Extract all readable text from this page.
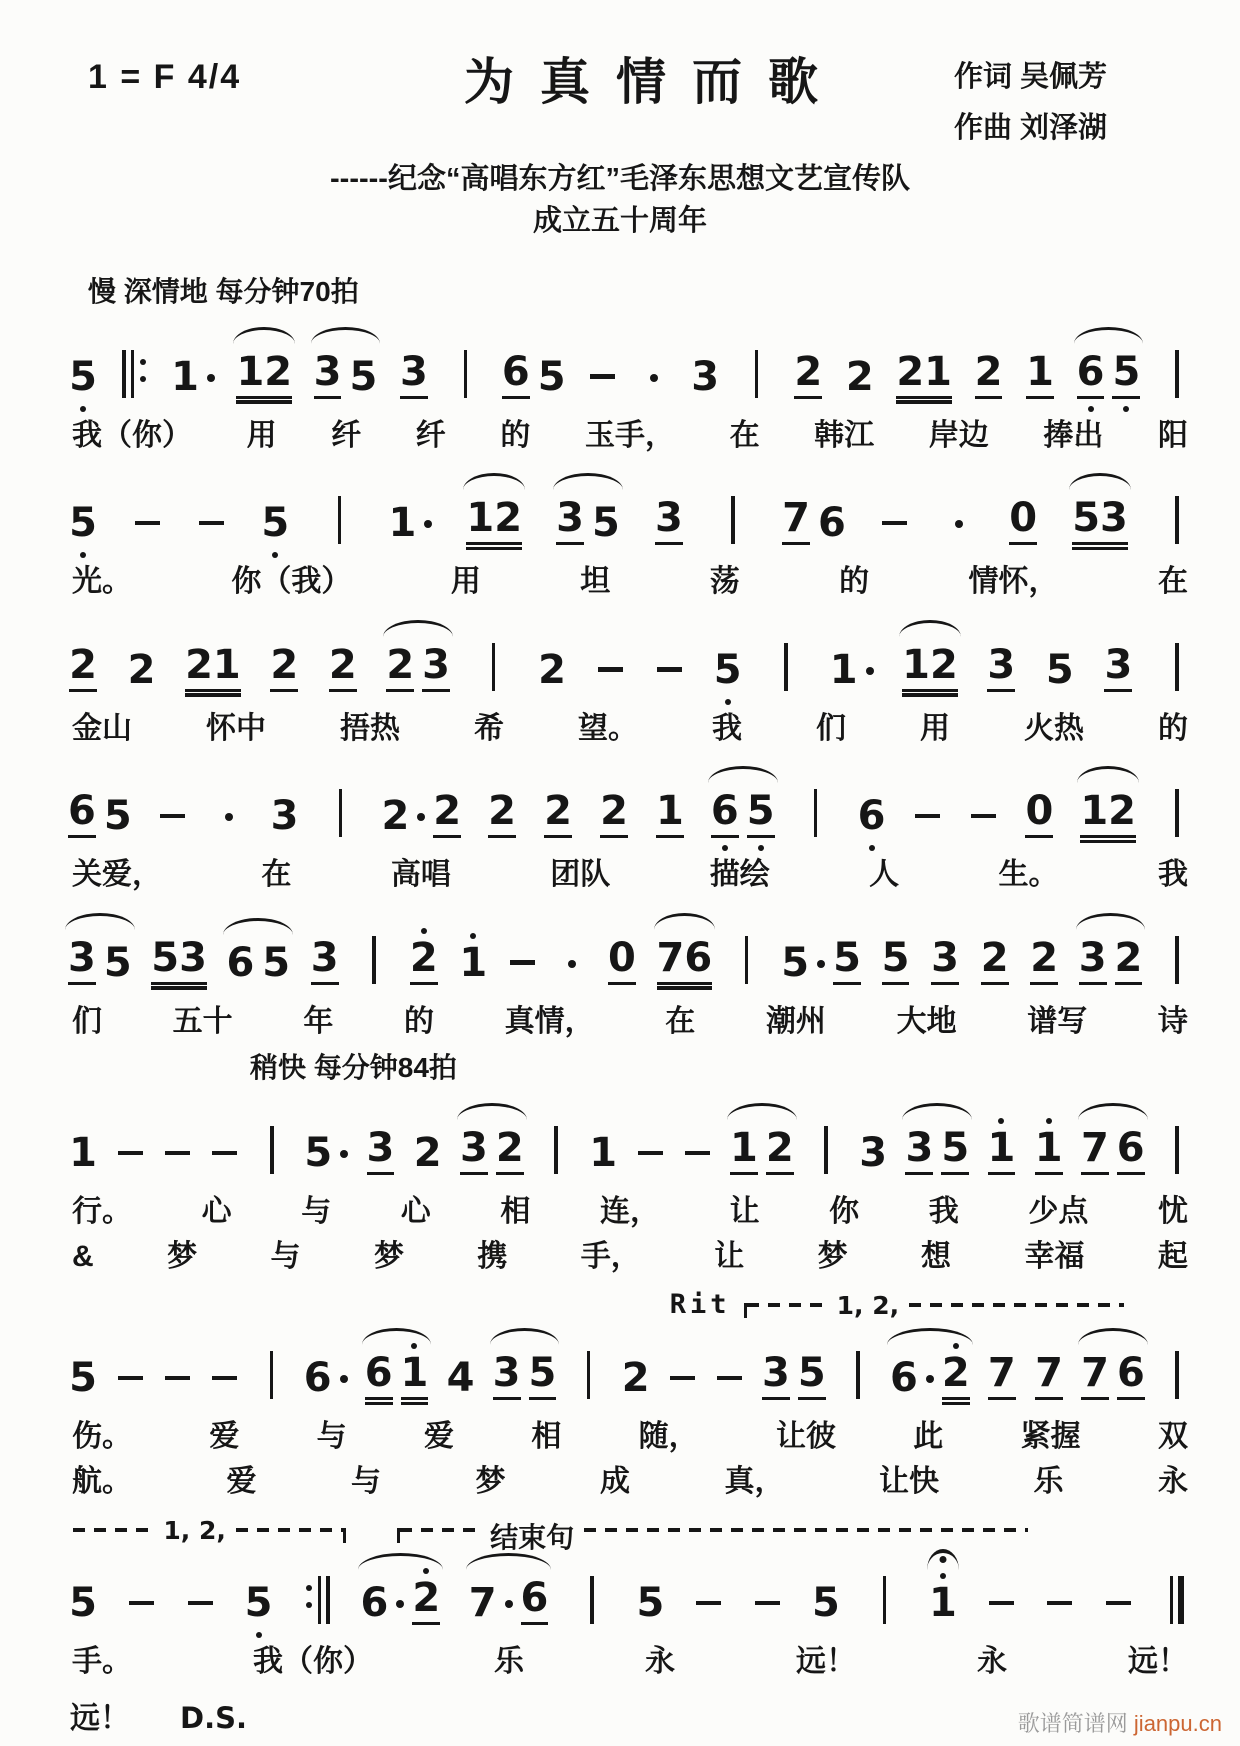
1 = F 4/4	为真情而歌	作词 吴佩芳
作曲 刘泽湖
------纪念“高唱东方红”毛泽东思想文艺宣传队
成立五十周年
慢 深情地 每分钟70拍
5 1 12 3 5 3 6 5	3 2 2 21 2 1 6 5
我（你） 用 纤 纤 的 玉手， 在 韩江 岸边 捧出 阳
5	5 1 12 3 5 3 7 6	0 53
光。	你（我）	用	坦	荡	的	情怀，	在
2 2 21 2 2 2 3 2	5 1 12 3 5 3
金山 怀中 捂热 希 望。 我 们 用 火热 的
6 5	3 2 2 2 2 2 1 6 5 6	0 12
关爱，	在	高唱	团队	描绘	人	生。	我
3 5 53 6 5 3 2 1	0 76 5 5 5 3 2 2 3 2
们 五十 年 的 真情， 在 潮州 大地 谱写 诗
稍快 每分钟84拍
1	5 3 2 3 2 1	1 2 3 3 5 1 1 7 6
行。 心 与 心 相 连， 让 你 我 少点 忧
& 梦 与 梦 携 手， 让 梦 想 幸福 起
Rit	1, 2,
5	6 6 1 4 3 5 2	3 5 6 2 7 7 7 6
伤。	爱	与	爱	相	随，	让彼	此	紧握	双
航。	爱	与	梦	成	真，	让快	乐	永
1, 2,	结束句
5	5 6 2 7 6 5	5 1
手。	我（你）	乐	永	远！	永	远！
远！ D.S.	歌谱简谱网 jianpu.cn
